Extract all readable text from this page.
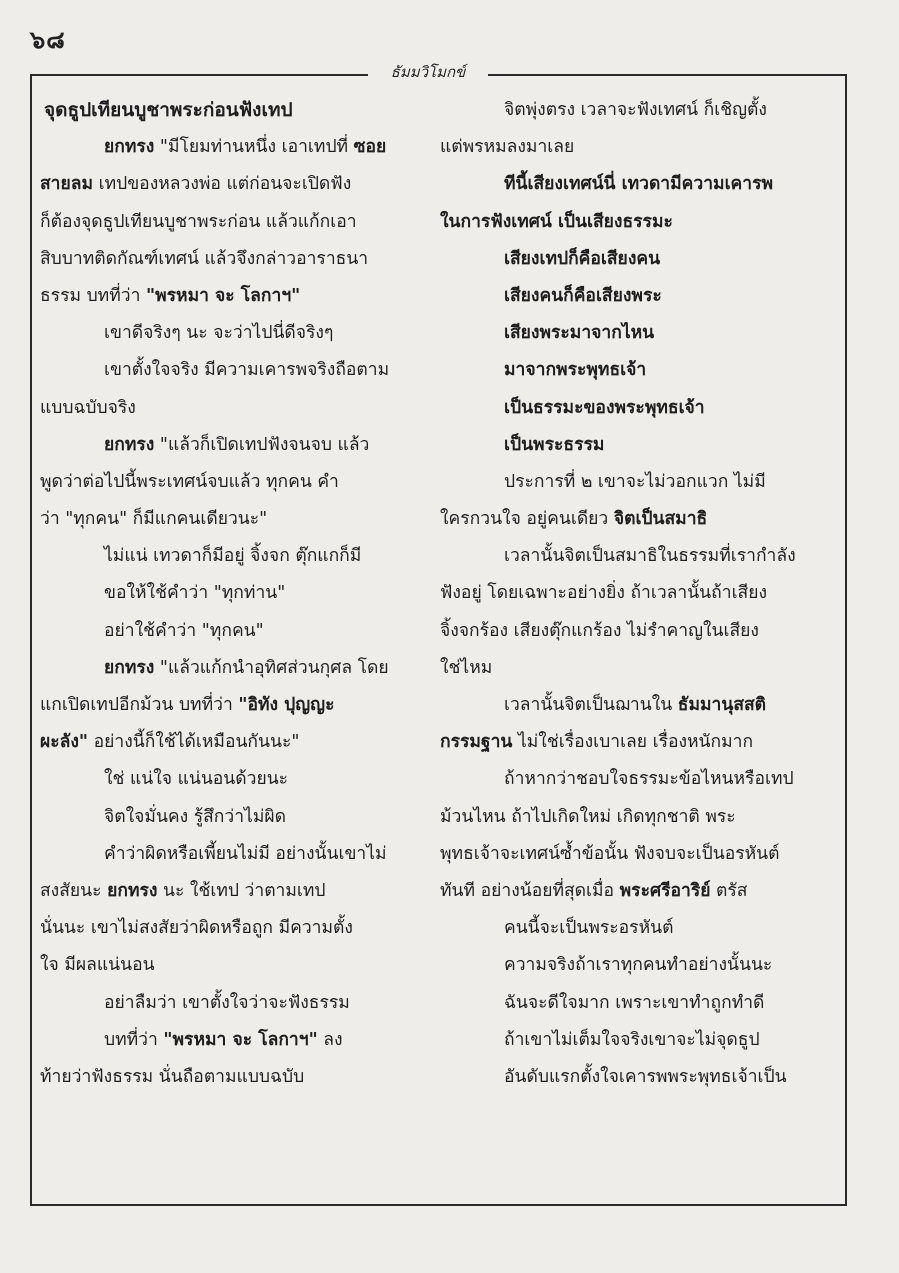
๖๘
ธัมมวิโมกข์
จุดธูปเทียนบูชาพระก่อนฟังเทป
ยกทรง "มีโยมท่านหนึ่ง เอาเทปที่ ซอย
สายลม เทปของหลวงพ่อ แต่ก่อนจะเปิดฟัง
ก็ต้องจุดธูปเทียนบูชาพระก่อน แล้วแก้กเอา
สิบบาทติดกัณฑ์เทศน์ แล้วจึงกล่าวอาราธนา
ธรรม บทที่ว่า "พรหมา จะ โลกาฯ"
เขาดีจริงๆ นะ จะว่าไปนี่ดีจริงๆ
เขาตั้งใจจริง มีความเคารพจริงถือตาม
แบบฉบับจริง
ยกทรง "แล้วก็เปิดเทปฟังจนจบ แล้ว
พูดว่าต่อไปนี้พระเทศน์จบแล้ว ทุกคน คำ
ว่า "ทุกคน" ก็มีแกคนเดียวนะ"
ไม่แน่ เทวดาก็มีอยู่ จิ้งจก ตุ๊กแกก็มี
ขอให้ใช้คำว่า "ทุกท่าน"
อย่าใช้คำว่า "ทุกคน"
ยกทรง "แล้วแก้กนำอุทิศส่วนกุศล โดย
แกเปิดเทปอีกม้วน บทที่ว่า "อิทัง ปุญญะ
ผะลัง" อย่างนี้ก็ใช้ได้เหมือนกันนะ"
ใช่ แน่ใจ แน่นอนด้วยนะ
จิตใจมั่นคง รู้สึกว่าไม่ผิด
คำว่าผิดหรือเพี้ยนไม่มี อย่างนั้นเขาไม่
สงสัยนะ ยกทรง นะ ใช้เทป ว่าตามเทป
นั่นนะ เขาไม่สงสัยว่าผิดหรือถูก มีความตั้ง
ใจ มีผลแน่นอน
อย่าลืมว่า เขาตั้งใจว่าจะฟังธรรม
บทที่ว่า "พรหมา จะ โลกาฯ" ลง
ท้ายว่าฟังธรรม นั่นถือตามแบบฉบับ
จิตพุ่งตรง เวลาจะฟังเทศน์ ก็เชิญตั้ง
แต่พรหมลงมาเลย
ทีนี้เสียงเทศน์นี่ เทวดามีความเคารพ
ในการฟังเทศน์ เป็นเสียงธรรมะ
เสียงเทปก็คือเสียงคน
เสียงคนก็คือเสียงพระ
เสียงพระมาจากไหน
มาจากพระพุทธเจ้า
เป็นธรรมะของพระพุทธเจ้า
เป็นพระธรรม
ประการที่ ๒ เขาจะไม่วอกแวก ไม่มี
ใครกวนใจ อยู่คนเดียว จิตเป็นสมาธิ
เวลานั้นจิตเป็นสมาธิในธรรมที่เรากำลัง
ฟังอยู่ โดยเฉพาะอย่างยิ่ง ถ้าเวลานั้นถ้าเสียง
จิ้งจกร้อง เสียงตุ๊กแกร้อง ไม่รำคาญในเสียง
ใช่ไหม
เวลานั้นจิตเป็นฌานใน ธัมมานุสสติ
กรรมฐาน ไม่ใช่เรื่องเบาเลย เรื่องหนักมาก
ถ้าหากว่าชอบใจธรรมะข้อไหนหรือเทป
ม้วนไหน ถ้าไปเกิดใหม่ เกิดทุกชาติ พระ
พุทธเจ้าจะเทศน์ซ้ำข้อนั้น ฟังจบจะเป็นอรหันต์
ทันที อย่างน้อยที่สุดเมื่อ พระศรีอาริย์ ตรัส
คนนี้จะเป็นพระอรหันต์
ความจริงถ้าเราทุกคนทำอย่างนั้นนะ
ฉันจะดีใจมาก เพราะเขาทำถูกทำดี
ถ้าเขาไม่เต็มใจจริงเขาจะไม่จุดธูป
อันดับแรกตั้งใจเคารพพระพุทธเจ้าเป็น
